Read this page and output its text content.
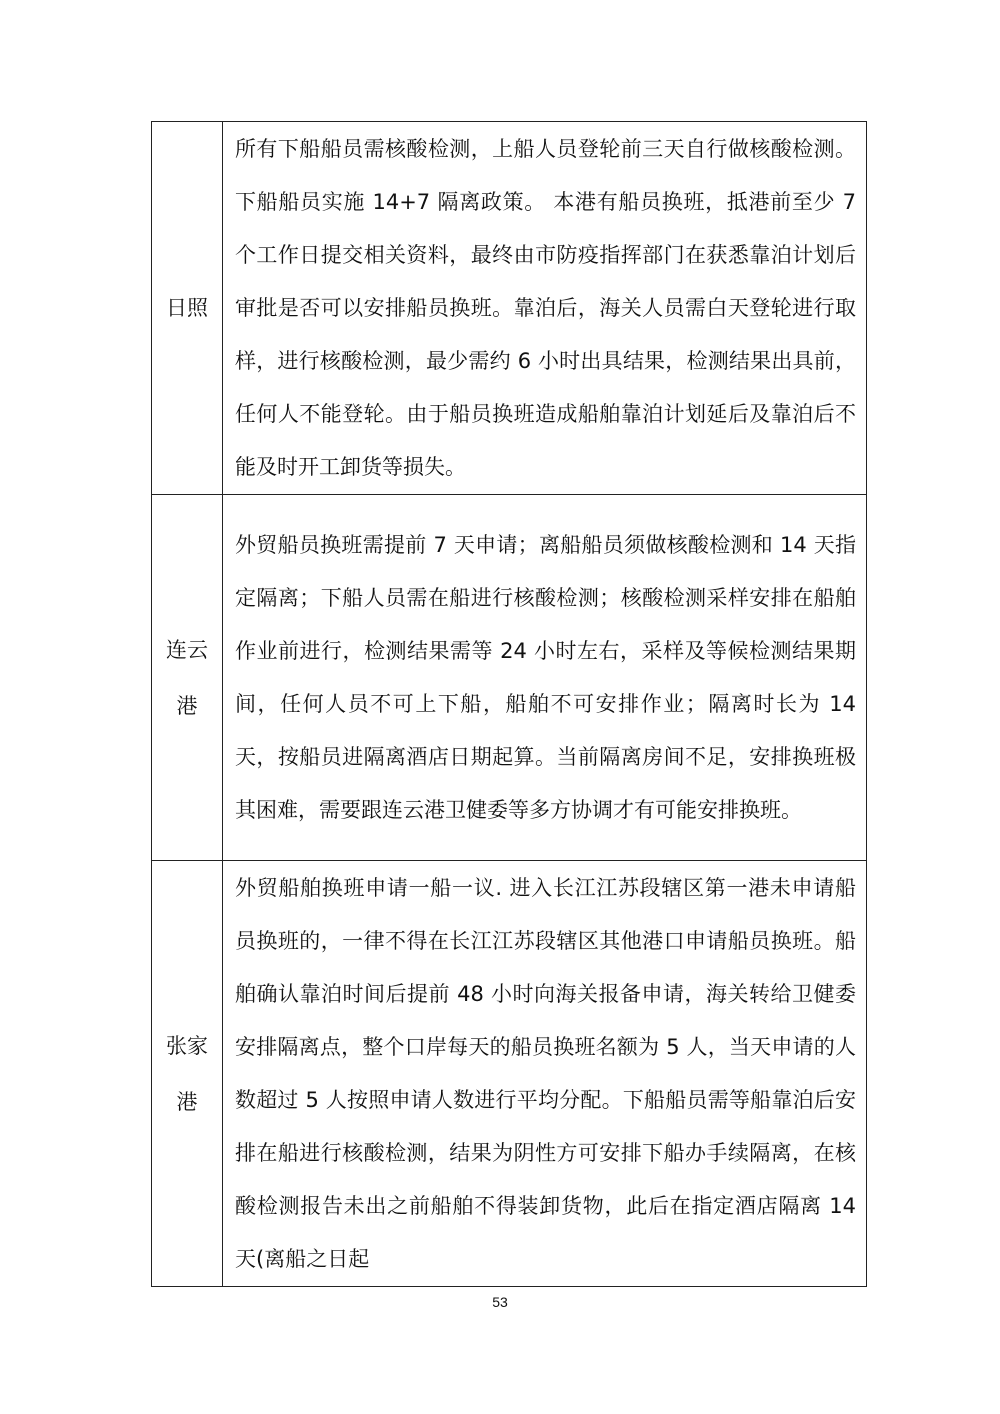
日照	所有下船船员需核酸检测，上船人员登轮前三天自行做核酸检测。下船船员实施 14+7 隔离政策。 本港有船员换班，抵港前至少 7 个工作日提交相关资料，最终由市防疫指挥部门在获悉靠泊计划后审批是否可以安排船员换班。靠泊后，海关人员需白天登轮进行取样，进行核酸检测，最少需约 6 小时出具结果，检测结果出具前，任何人不能登轮。由于船员换班造成船舶靠泊计划延后及靠泊后不能及时开工卸货等损失。
连云港	外贸船员换班需提前 7 天申请；离船船员须做核酸检测和 14 天指定隔离；下船人员需在船进行核酸检测；核酸检测采样安排在船舶作业前进行，检测结果需等 24 小时左右，采样及等候检测结果期间，任何人员不可上下船，船舶不可安排作业；隔离时长为 14 天，按船员进隔离酒店日期起算。当前隔离房间不足，安排换班极其困难，需要跟连云港卫健委等多方协调才有可能安排换班。
张家港	外贸船舶换班申请一船一议. 进入长江江苏段辖区第一港未申请船员换班的，一律不得在长江江苏段辖区其他港口申请船员换班。船舶确认靠泊时间后提前 48 小时向海关报备申请，海关转给卫健委安排隔离点，整个口岸每天的船员换班名额为 5 人，当天申请的人数超过 5 人按照申请人数进行平均分配。下船船员需等船靠泊后安排在船进行核酸检测，结果为阴性方可安排下船办手续隔离，在核酸检测报告未出之前船舶不得装卸货物，此后在指定酒店隔离 14 天(离船之日起
53
